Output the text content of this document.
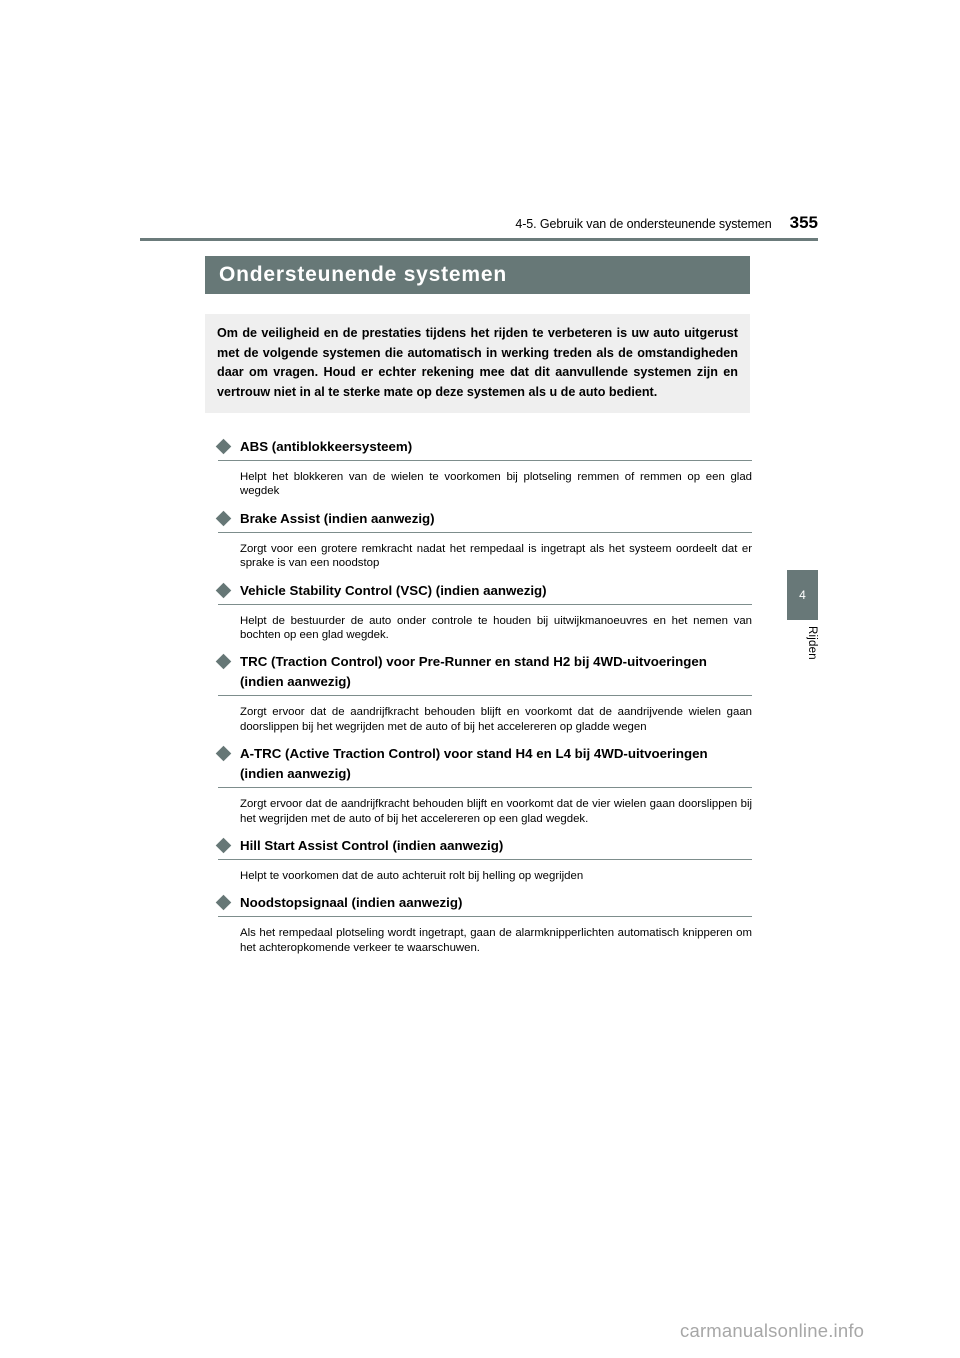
4-5. Gebruik van de ondersteunende systemen 355
Ondersteunende systemen

Om de veiligheid en de prestaties tijdens het rijden te verbeteren is uw auto uitgerust met de volgende systemen die automatisch in werking treden als de omstandigheden daar om vragen. Houd er echter rekening mee dat dit aanvullende systemen zijn en vertrouw niet in al te sterke mate op deze systemen als u de auto bedient.

ABS (antiblokkeersysteem)

Helpt het blokkeren van de wielen te voorkomen bij plotseling remmen of remmen op een glad wegdek

Brake Assist (indien aanwezig)

Zorgt voor een grotere remkracht nadat het rempedaal is ingetrapt als het systeem oordeelt dat er sprake is van een noodstop

Vehicle Stability Control (VSC) (indien aanwezig)

Helpt de bestuurder de auto onder controle te houden bij uitwijkmanoeuvres en het nemen van bochten op een glad wegdek.

TRC (Traction Control) voor Pre-Runner en stand H2 bij 4WD-uitvoeringen (indien aanwezig)

Zorgt ervoor dat de aandrijfkracht behouden blijft en voorkomt dat de aandrijvende wielen gaan doorslippen bij het wegrijden met de auto of bij het accelereren op gladde wegen

A-TRC (Active Traction Control) voor stand H4 en L4 bij 4WD-uitvoeringen (indien aanwezig)

Zorgt ervoor dat de aandrijfkracht behouden blijft en voorkomt dat de vier wielen gaan doorslippen bij het wegrijden met de auto of bij het accelereren op een glad wegdek.

Hill Start Assist Control (indien aanwezig)

Helpt te voorkomen dat de auto achteruit rolt bij helling op wegrijden

Noodstopsignaal (indien aanwezig)

Als het rempedaal plotseling wordt ingetrapt, gaan de alarmknipperlichten automatisch knipperen om het achteropkomende verkeer te waarschuwen.

4
Rijden
carmanualsonline.info
